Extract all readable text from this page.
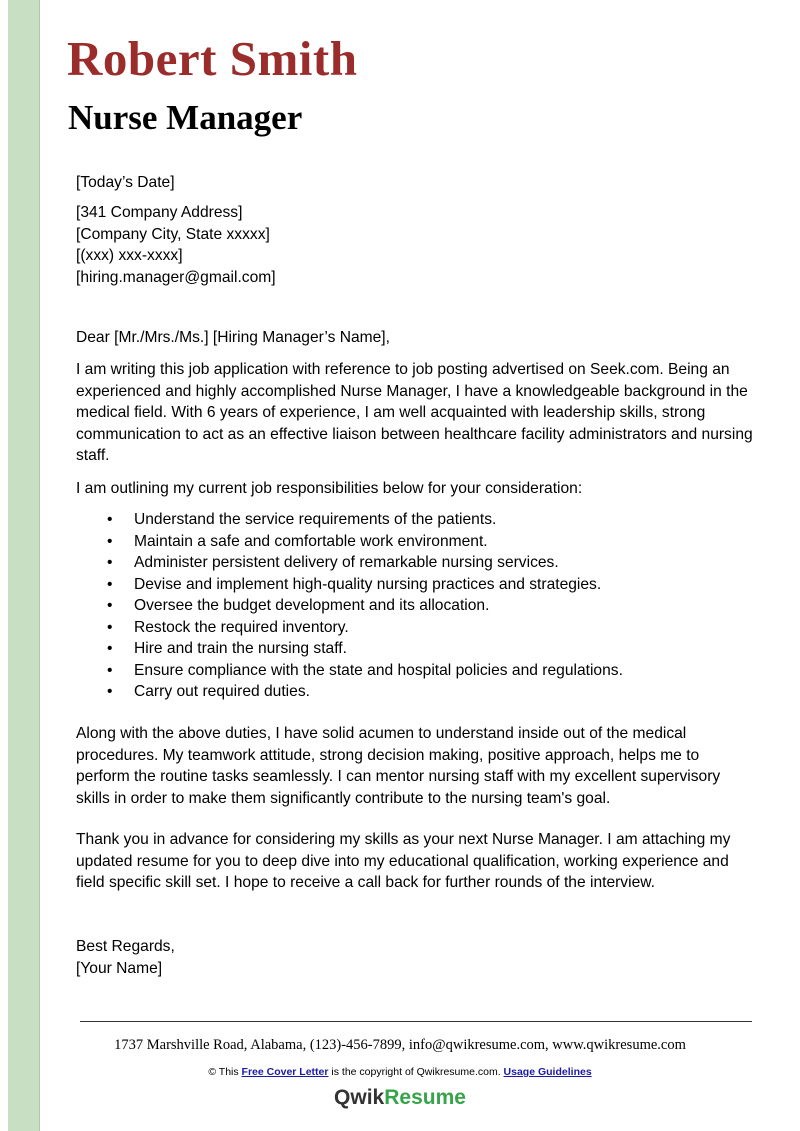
Robert Smith
Nurse Manager
[Today’s Date]
[341 Company Address]
[Company City, State xxxxx]
[(xxx) xxx-xxxx]
[hiring.manager@gmail.com]
Dear [Mr./Mrs./Ms.] [Hiring Manager’s Name],
I am writing this job application with reference to job posting advertised on Seek.com. Being an experienced and highly accomplished Nurse Manager, I have a knowledgeable background in the medical field. With 6 years of experience, I am well acquainted with leadership skills, strong communication to act as an effective liaison between healthcare facility administrators and nursing staff.
I am outlining my current job responsibilities below for your consideration:
• Understand the service requirements of the patients.
• Maintain a safe and comfortable work environment.
• Administer persistent delivery of remarkable nursing services.
• Devise and implement high-quality nursing practices and strategies.
• Oversee the budget development and its allocation.
• Restock the required inventory.
• Hire and train the nursing staff.
• Ensure compliance with the state and hospital policies and regulations.
• Carry out required duties.
Along with the above duties, I have solid acumen to understand inside out of the medical procedures. My teamwork attitude, strong decision making, positive approach, helps me to perform the routine tasks seamlessly. I can mentor nursing staff with my excellent supervisory skills in order to make them significantly contribute to the nursing team's goal.
Thank you in advance for considering my skills as your next Nurse Manager. I am attaching my updated resume for you to deep dive into my educational qualification, working experience and field specific skill set. I hope to receive a call back for further rounds of the interview.
Best Regards,
[Your Name]
1737 Marshville Road, Alabama, (123)-456-7899, info@qwikresume.com, www.qwikresume.com
© This Free Cover Letter is the copyright of Qwikresume.com. Usage Guidelines
QwikResume
